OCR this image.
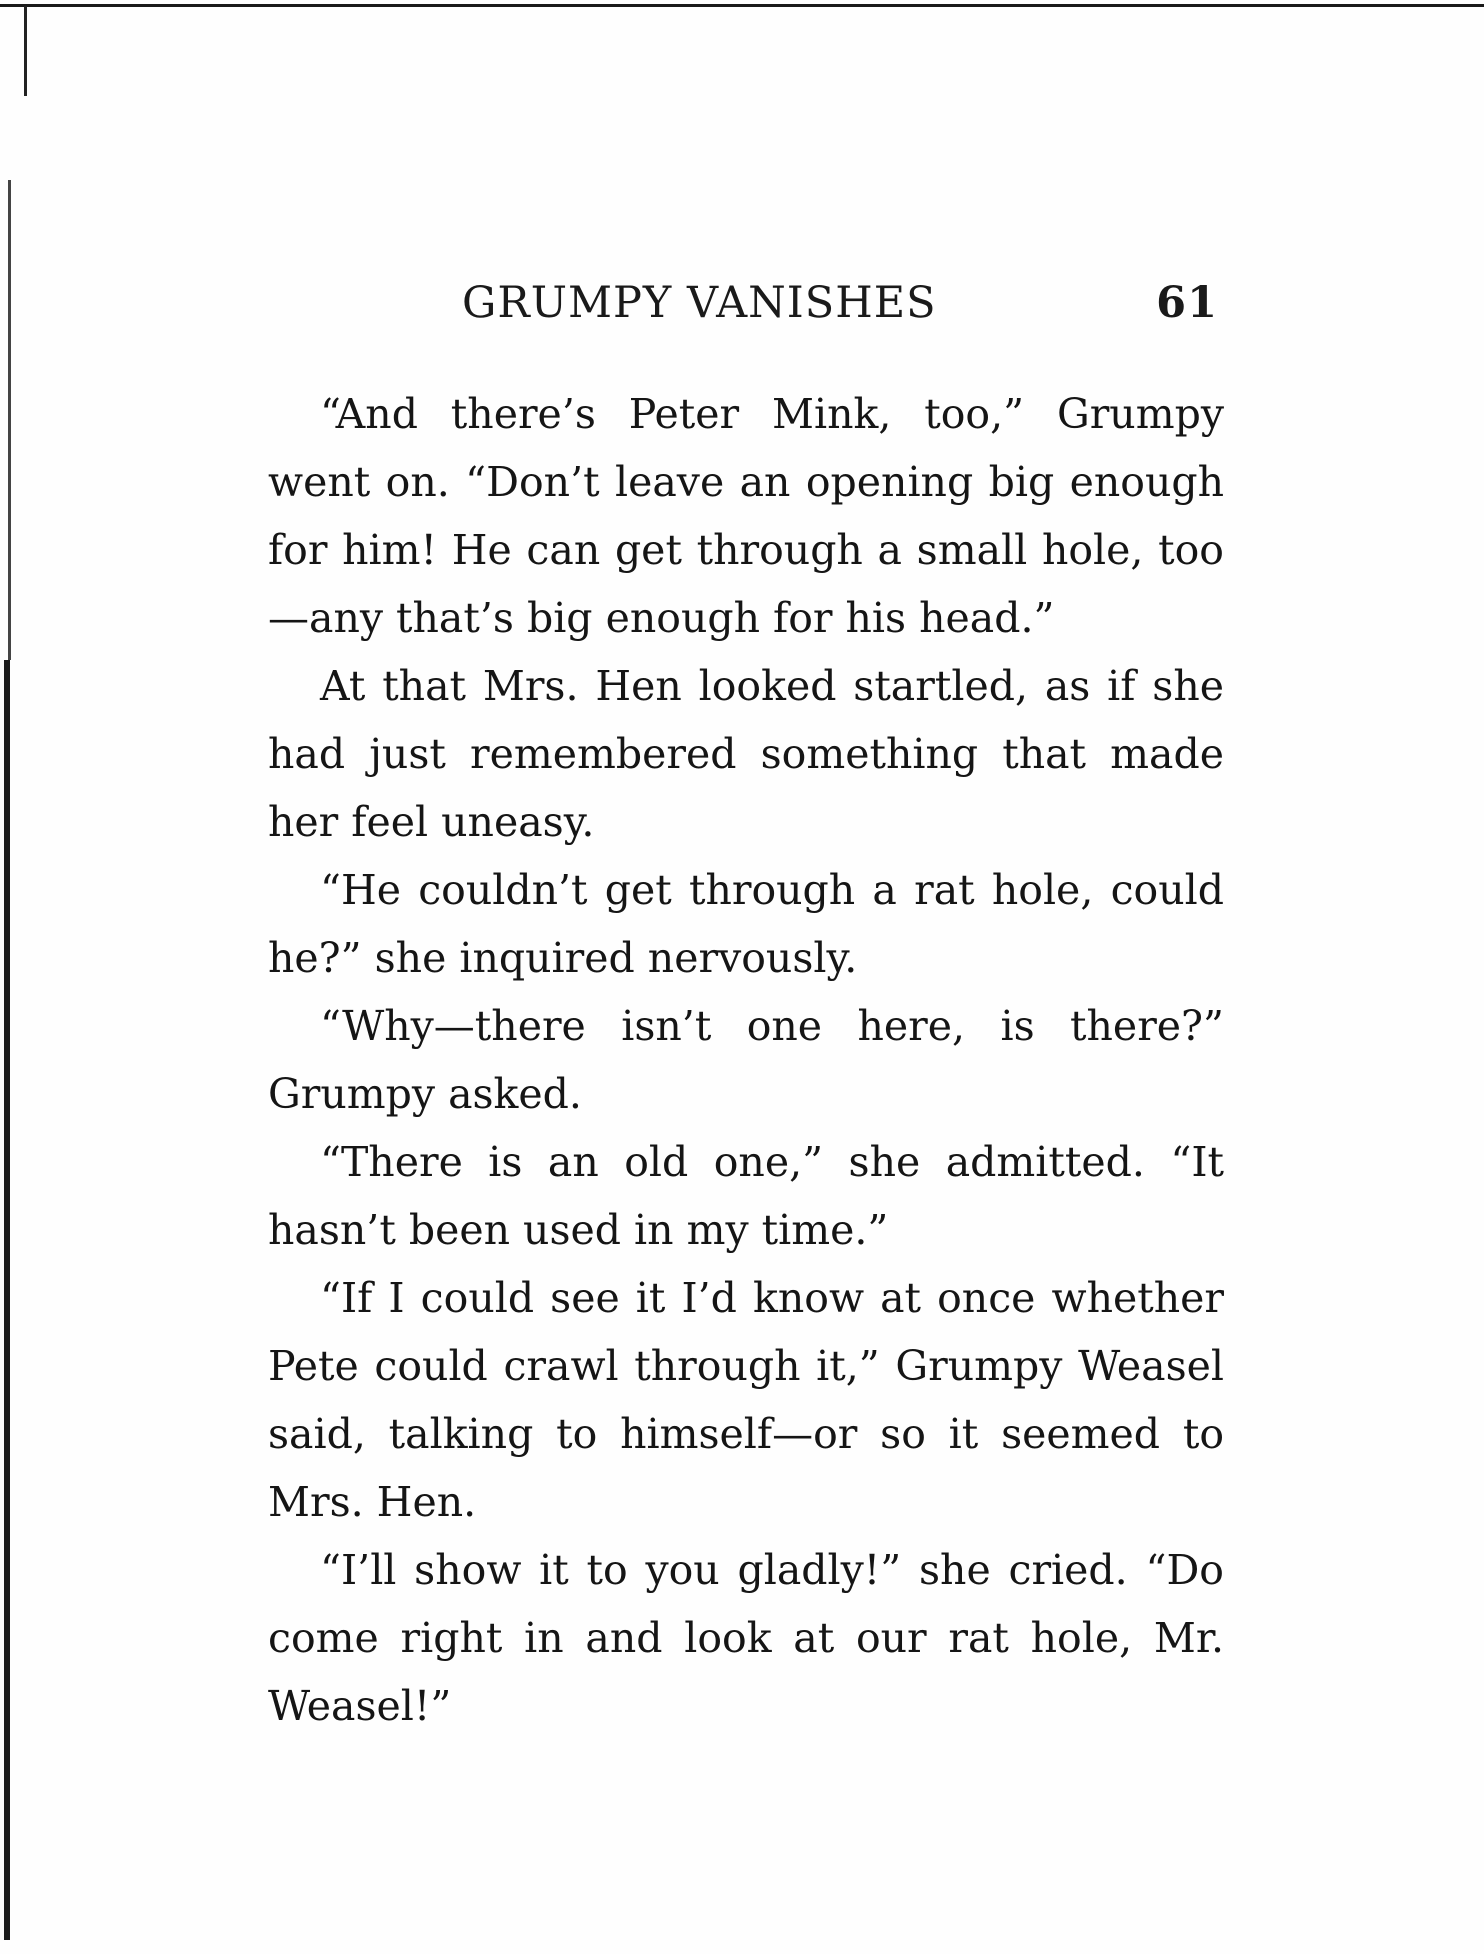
GRUMPY VANISHES	61

“And there’s Peter Mink, too,” Grumpy went on. “Don’t leave an opening big enough for him! He can get through a small hole, too—any that’s big enough for his head.”

At that Mrs. Hen looked startled, as if she had just remembered something that made her feel uneasy.

“He couldn’t get through a rat hole, could he?” she inquired nervously.

“Why—there isn’t one here, is there?” Grumpy asked.

“There is an old one,” she admitted. “It hasn’t been used in my time.”

“If I could see it I’d know at once whether Pete could crawl through it,” Grumpy Weasel said, talking to himself—or so it seemed to Mrs. Hen.

“I’ll show it to you gladly!” she cried. “Do come right in and look at our rat hole, Mr. Weasel!”
